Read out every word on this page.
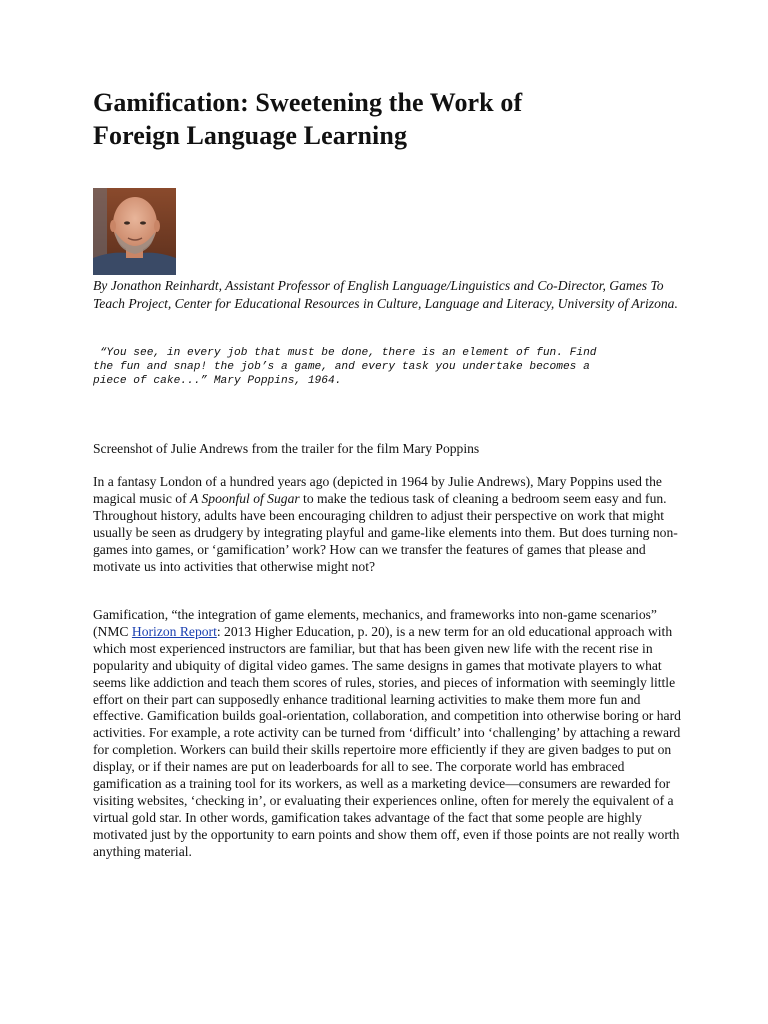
Gamification: Sweetening the Work of
Foreign Language Learning

By Jonathon Reinhardt, Assistant Professor of English Language/Linguistics and Co-Director, Games To Teach Project, Center for Educational Resources in Culture, Language and Literacy, University of Arizona.

“You see, in every job that must be done, there is an element of fun. Find
the fun and snap! the job’s a game, and every task you undertake becomes a
piece of cake...” Mary Poppins, 1964.

Screenshot of Julie Andrews from the trailer for the film Mary Poppins

In a fantasy London of a hundred years ago (depicted in 1964 by Julie Andrews), Mary Poppins used the magical music of A Spoonful of Sugar to make the tedious task of cleaning a bedroom seem easy and fun. Throughout history, adults have been encouraging children to adjust their perspective on work that might usually be seen as drudgery by integrating playful and game-like elements into them. But does turning non-games into games, or ‘gamification’ work? How can we transfer the features of games that please and motivate us into activities that otherwise might not?

Gamification, “the integration of game elements, mechanics, and frameworks into non-game scenarios” (NMC Horizon Report: 2013 Higher Education, p. 20), is a new term for an old educational approach with which most experienced instructors are familiar, but that has been given new life with the recent rise in popularity and ubiquity of digital video games. The same designs in games that motivate players to what seems like addiction and teach them scores of rules, stories, and pieces of information with seemingly little effort on their part can supposedly enhance traditional learning activities to make them more fun and effective. Gamification builds goal-orientation, collaboration, and competition into otherwise boring or hard activities. For example, a rote activity can be turned from ‘difficult’ into ‘challenging’ by attaching a reward for completion. Workers can build their skills repertoire more efficiently if they are given badges to put on display, or if their names are put on leaderboards for all to see. The corporate world has embraced gamification as a training tool for its workers, as well as a marketing device—consumers are rewarded for visiting websites, ‘checking in’, or evaluating their experiences online, often for merely the equivalent of a virtual gold star. In other words, gamification takes advantage of the fact that some people are highly motivated just by the opportunity to earn points and show them off, even if those points are not really worth anything material.
